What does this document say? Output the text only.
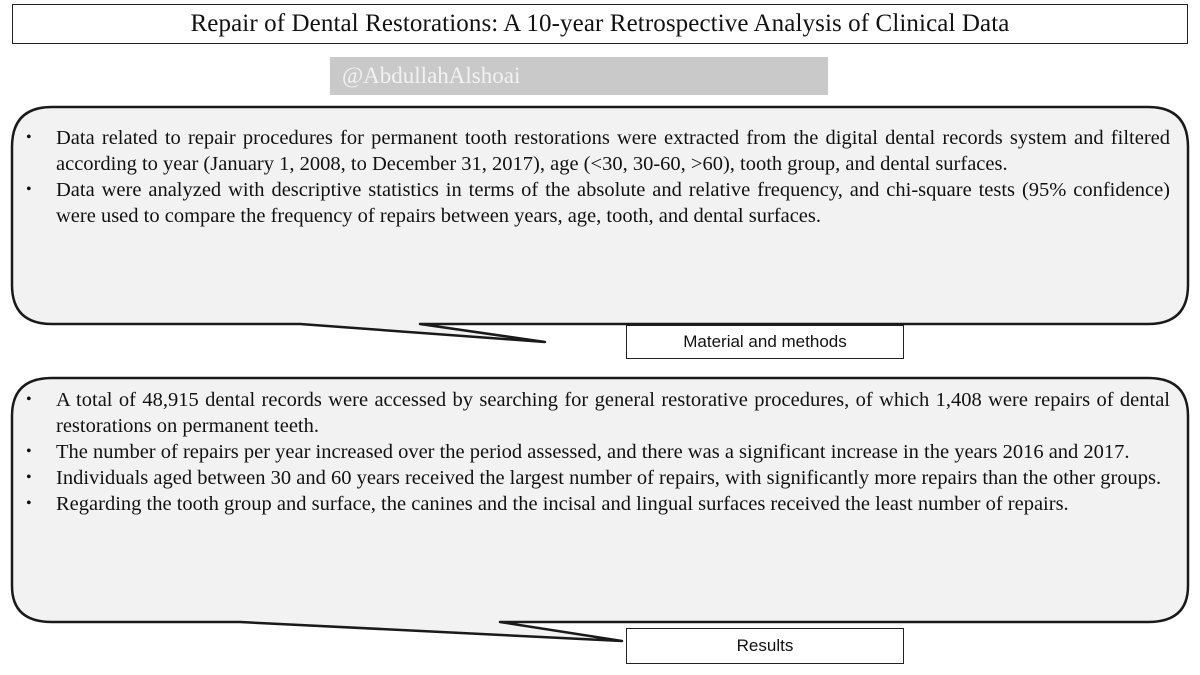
Repair of Dental Restorations: A 10-year Retrospective Analysis of Clinical Data
@AbdullahAlshoai
• Data related to repair procedures for permanent tooth restorations were extracted from the digital dental records system and filtered according to year (January 1, 2008, to December 31, 2017), age (<30, 30-60, >60), tooth group, and dental surfaces.
• Data were analyzed with descriptive statistics in terms of the absolute and relative frequency, and chi-square tests (95% confidence) were used to compare the frequency of repairs between years, age, tooth, and dental surfaces.
Material and methods
• A total of 48,915 dental records were accessed by searching for general restorative procedures, of which 1,408 were repairs of dental restorations on permanent teeth.
• The number of repairs per year increased over the period assessed, and there was a significant increase in the years 2016 and 2017.
• Individuals aged between 30 and 60 years received the largest number of repairs, with significantly more repairs than the other groups.
• Regarding the tooth group and surface, the canines and the incisal and lingual surfaces received the least number of repairs.
Results
